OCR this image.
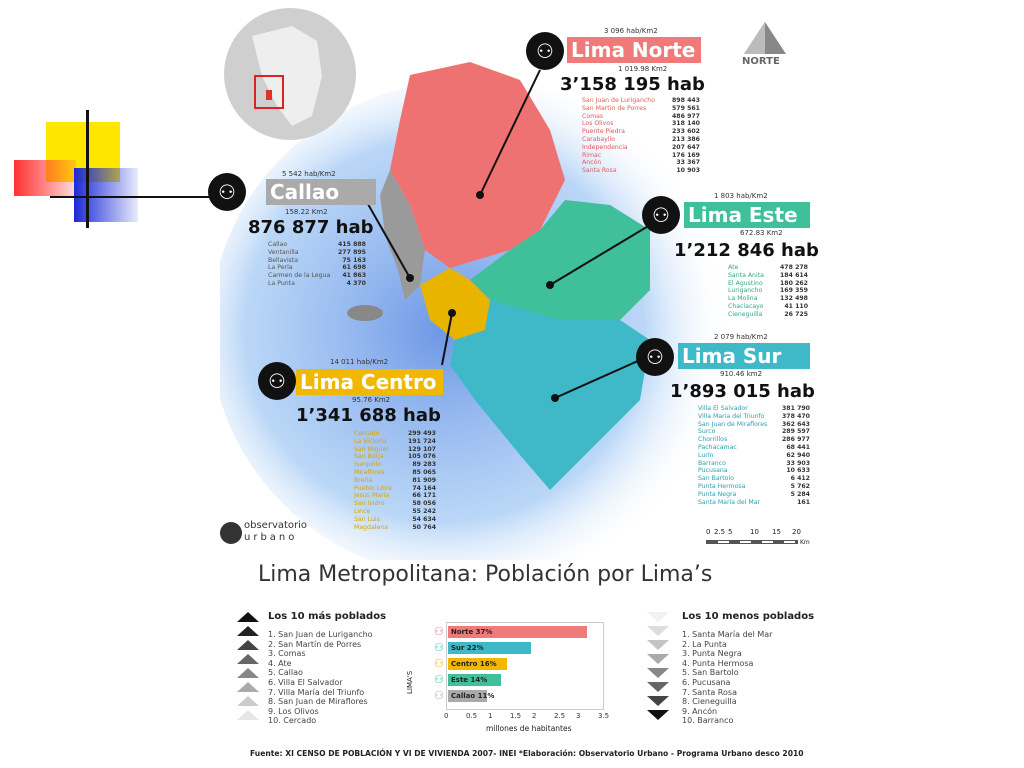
NORTE
⚇ Lima Norte
3 096 hab/Km2
1 019.98 Km2
3’158 195 hab
San Juan de Lurigancho	898 443
San Martin de Porres	579 561
Comas	486 977
Los Olivos	318 140
Puente Piedra	233 602
Carabayllo	213 386
Independencia	207 647
Rimac	176 169
Ancón	33 367
Santa Rosa	10 903
⚇	Callao
5 542 hab/Km2
158.22 Km2
876 877 hab
Callao	415 888
Ventanilla	277 895
Bellavista	75 163
La Perla	61 698
Carmen de la Legua	41 863
La Punta	4 370
⚇ Lima Este
1 803 hab/Km2
672.83 Km2
1’212 846 hab
Ate	478 278
Santa Anita	184 614
El Agustino	180 262
Lurigancho	169 359
La Molina	132 498
Chaclacayo	41 110
Cieneguilla	26 725
⚇ Lima Sur
2 079 hab/Km2
910.46 km2
1’893 015 hab
Villa El Salvador	381 790
Villa Maria del Triunfo	378 470
San Juan de Miraflores	362 643
Surco	289 597
Chorrillos	286 977
Pachacamac	68 441
Lurín	62 940
Barranco	33 903
Pucusana	10 633
San Bartolo	6 412
Punta Hermosa	5 762
Punta Negra	5 284
Santa María del Mar	161
⚇ Lima Centro
14 011 hab/Km2
95.76 Km2
1’341 688 hab
Cercado	299 493
La Victoria	191 724
San Miguel	129 107
San Borja	105 076
Surquillo	89 283
Miraflores	85 065
Breña	81 909
Pueblo Libre	74 164
Jesús Maria	66 171
San Isidro	58 056
Lince	55 242
San Luis	54 634
Magdalena	50 764
observatorio
urbano	0 2.5 5	10 15 20
Km
Lima Metropolitana: Población por Lima’s
Los 10 más poblados
1. San Juan de Lurigancho
2. San Martín de Porres
3. Comas
4. Ate
5. Callao
6. Villa El Salvador
7. Villa María del Triunfo
8. San Juan de Miraflores
9. Los Olivos
10. Cercado
Los 10 menos poblados
1. Santa María del Mar
2. La Punta
3. Punta Negra
4. Punta Hermosa
5. San Bartolo
6. Pucusana
7. Santa Rosa
8. Cieneguilla
9. Ancón
10. Barranco
LIMA'S
millones de habitantes
⚇ Norte 37%
⚇ Sur 22%
⚇ Centro 16%
⚇ Este 14%
⚇ Callao 11%
0	0.5 1	1.5 2	2.5 3	3.5
Fuente: XI CENSO DE POBLACIÓN Y VI DE VIVIENDA 2007- INEI *Elaboración: Observatorio Urbano - Programa Urbano desco 2010
